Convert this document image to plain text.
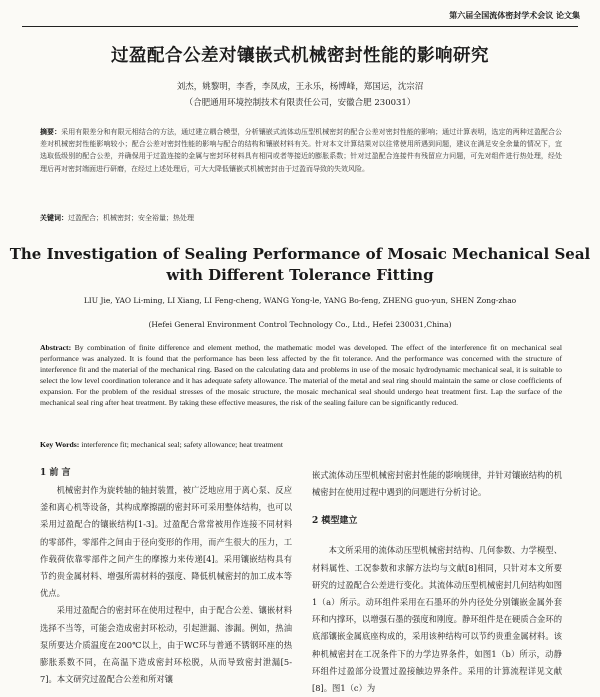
第六届全国流体密封学术会议 论文集
过盈配合公差对镶嵌式机械密封性能的影响研究
刘杰，姚黎明，李香，李凤成，王永乐，杨博峰，郑国运，沈宗沼
（合肥通用环境控制技术有限责任公司，安徽合肥 230031）
摘要：采用有限差分和有限元相结合的方法，通过建立耦合模型，分析镶嵌式流体动压型机械密封的配合公差对密封性能的影响；通过计算表明，选定的两种过盈配合公差对机械密封性能影响较小；配合公差对密封性能的影响与配合的结构和镶嵌材料有关。针对本文计算结果对以往常使用所遇到问题，建议在满足安全余量的情况下，宜选取低级别的配合公差，并确保用于过盈连接的金属与密封环材料具有相同或者等接近的膨胀系数；针对过盈配合连接件有残留应力问题，可先对组件进行热处理，经处理后再对密封端面进行研磨，在经过上述处理后，可大大降低镶嵌式机械密封由于过盈而导致的失效风险。
关键词：过盈配合；机械密封；安全裕量；热处理
The Investigation of Sealing Performance of Mosaic Mechanical Seal
with Different Tolerance Fitting
LIU Jie, YAO Li-ming, LI Xiang, LI Feng-cheng, WANG Yong-le, YANG Bo-feng, ZHENG guo-yun, SHEN Zong-zhao
(Hefei General Environment Control Technology Co., Ltd., Hefei 230031,China)
Abstract: By combination of finite difference and element method, the mathematic model was developed. The effect of the interference fit on mechanical seal performance was analyzed. It is found that the performance has been less affected by the fit tolerance. And the performance was concerned with the structure of interference fit and the material of the mechanical ring. Based on the calculating data and problems in use of the mosaic hydrodynamic mechanical seal, it is suitable to select the low level coordination tolerance and it has adequate safety allowance. The material of the metal and seal ring should maintain the same or close coefficients of expansion. For the problem of the residual stresses of the mosaic structure, the mosaic mechanical seal should undergo heat treatment first. Lap the surface of the mechanical seal ring after heat treatment. By taking these effective measures, the risk of the sealing failure can be significantly reduced.
Key Words: interference fit; mechanical seal; safety allowance; heat treatment
1 前 言

机械密封作为旋转轴的轴封装置，被广泛地应用于离心泵、反应釜和离心机等设备，其构成摩擦副的密封环可采用整体结构，也可以采用过盈配合的镶嵌结构[1-3]。过盈配合常常被用作连接不同材料的零部件，零部件之间由于径向变形的作用，而产生很大的压力，工作载荷依靠零部件之间产生的摩擦力来传递[4]。采用镶嵌结构具有节约贵金属材料、增强所需材料的强度、降低机械密封的加工成本等优点。

采用过盈配合的密封环在使用过程中，由于配合公差、镶嵌材料选择不当等，可能会造成密封环松动，引起泄漏、渗漏。例如，热油泵所要达介质温度在200℃以上，由于WC环与普通不锈钢环座的热膨胀系数不同，在高温下造成密封环松脱，从而导致密封泄漏[5-7]。本文研究过盈配合公差和所对镶

嵌式流体动压型机械密封密封性能的影响规律，并针对镶嵌结构的机械密封在使用过程中遇到的问题进行分析讨论。

2 模型建立

本文所采用的流体动压型机械密封结构、几何参数、力学模型、材料属性、工况参数和求解方法均与文献[8]相同，只针对本文所要研究的过盈配合公差进行变化。其流体动压型机械密封几何结构如图1（a）所示。动环组件采用在石墨环的外内径处分别镶嵌金属外套环和内撑环，以增强石墨的强度和刚度。静环组件是在硬质合金环的底部镶嵌金属底座构成的，采用该种结构可以节约贵重金属材料。该种机械密封在工况条件下的力学边界条件，如图1（b）所示，动静环组件过盈部分设置过盈接触边界条件。采用的计算流程详见文献[8]。图1（c）为
